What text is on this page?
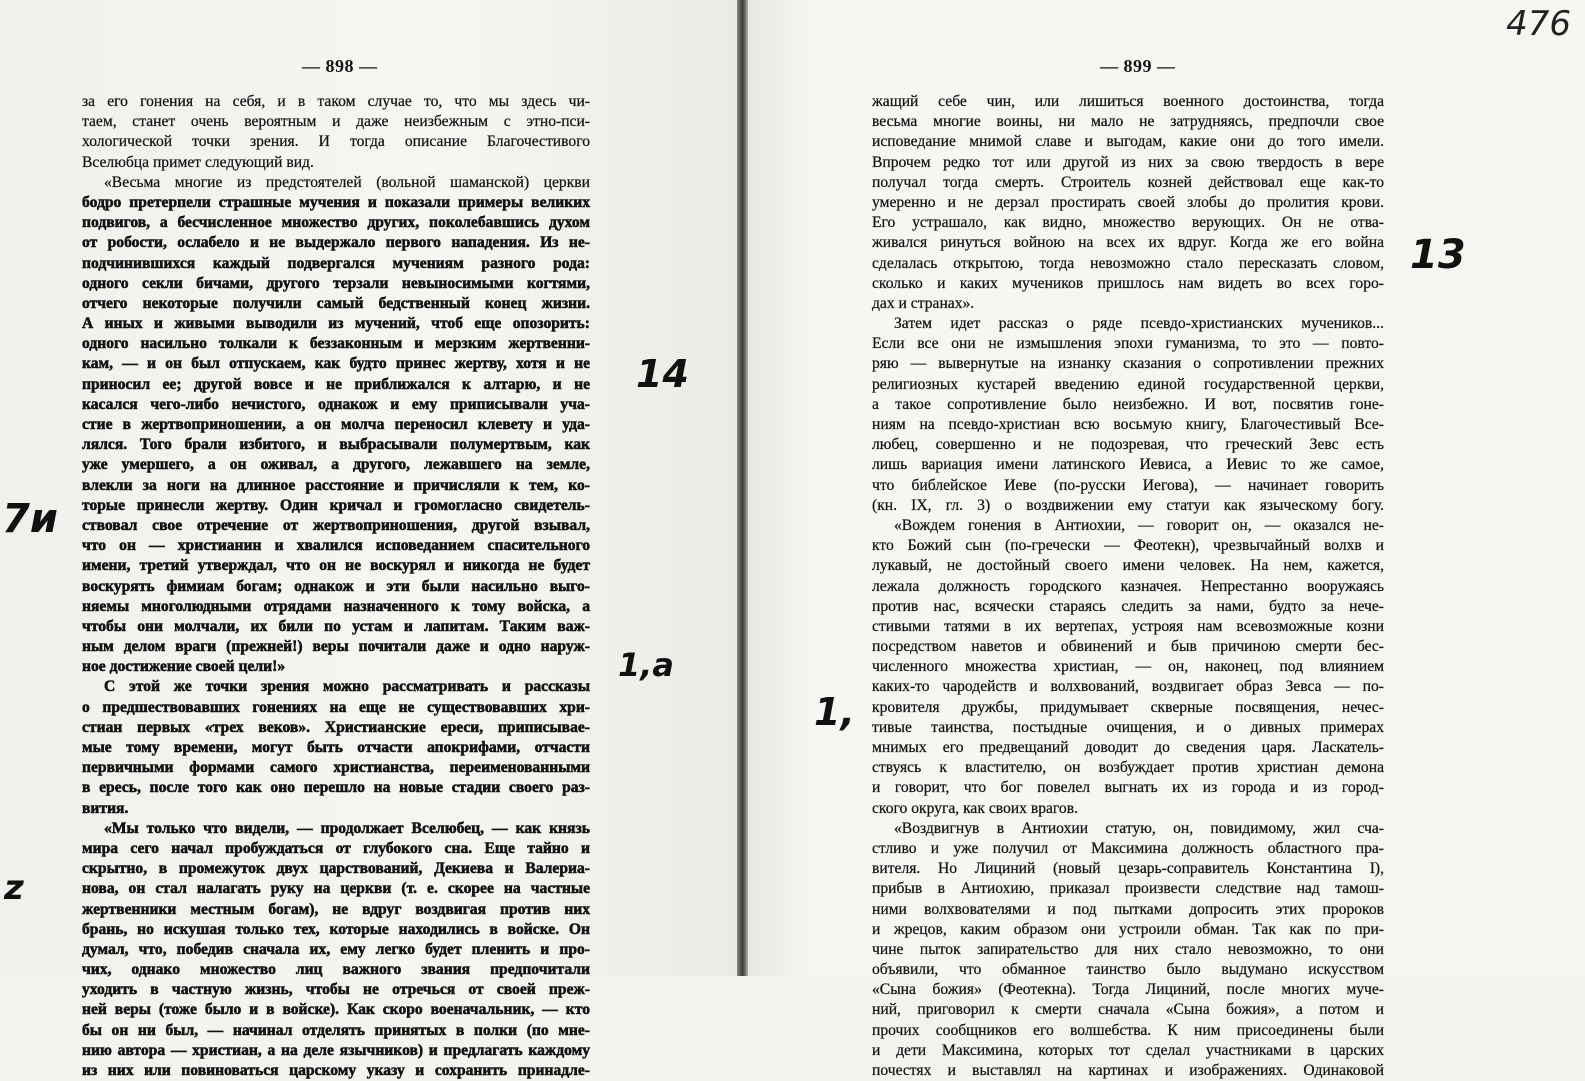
— 898 —
за его гонения на себя, и в таком случае то, что мы здесь чи-
таем, станет очень вероятным и даже неизбежным с этно-пси-
хологической точки зрения. И тогда описание Благочестивого
Вселюбца примет следующий вид.
«Весьма многие из предстоятелей (вольной шаманской) церкви
бодро претерпели страшные мучения и показали примеры великих
подвигов, а бесчисленное множество других, поколебавшись духом
от робости, ослабело и не выдержало первого нападения. Из не-
подчинившихся каждый подвергался мучениям разного рода:
одного секли бичами, другого терзали невыносимыми когтями,
отчего некоторые получили самый бедственный конец жизни.
А иных и живыми выводили из мучений, чтоб еще опозорить:
одного насильно толкали к беззаконным и мерзким жертвенни-
кам, — и он был отпускаем, как будто принес жертву, хотя и не
приносил ее; другой вовсе и не приближался к алтарю, и не
касался чего-либо нечистого, однакож и ему приписывали уча-
стие в жертвоприношении, а он молча переносил клевету и уда-
лялся. Того брали избитого, и выбрасывали полумертвым, как
уже умершего, а он оживал, а другого, лежавшего на земле,
влекли за ноги на длинное расстояние и причисляли к тем, ко-
торые принесли жертву. Один кричал и громогласно свидетель-
ствовал свое отречение от жертвоприношения, другой взывал,
что он — христианин и хвалился исповеданием спасительного
имени, третий утверждал, что он не воскурял и никогда не будет
воскурять фимиам богам; однакож и эти были насильно выго-
няемы многолюдными отрядами назначенного к тому войска, а
чтобы они молчали, их били по устам и лапитам. Таким важ-
ным делом враги (прежней!) веры почитали даже и одно наруж-
ное достижение своей цели!»
С этой же точки зрения можно рассматривать и рассказы
о предшествовавших гонениях на еще не существовавших хри-
стиан первых «трех веков». Христианские ереси, приписывае-
мые тому времени, могут быть отчасти апокрифами, отчасти
первичными формами самого христианства, переименованными
в ересь, после того как оно перешло на новые стадии своего раз-
вития.
«Мы только что видели, — продолжает Вселюбец, — как князь
мира сего начал пробуждаться от глубокого сна. Еще тайно и
скрытно, в промежуток двух царствований, Декиева и Валериа-
нова, он стал налагать руку на церкви (т. е. скорее на частные
жертвенники местным богам), не вдруг воздвигая против них
брань, но искушая только тех, которые находились в войске. Он
думал, что, победив сначала их, ему легко будет пленить и про-
чих, однако множество лиц важного звания предпочитали
уходить в частную жизнь, чтобы не отречься от своей преж-
ней веры (тоже было и в войске). Как скоро военачальник, — кто
бы он ни был, — начинал отделять принятых в полки (по мне-
нию автора — христиан, а на деле язычников) и предлагать каждому
из них или повиноваться царскому указу и сохранить принадле-
— 899 —
жащий себе чин, или лишиться военного достоинства, тогда
весьма многие воины, ни мало не затрудняясь, предпочли свое
исповедание мнимой славе и выгодам, какие они до того имели.
Впрочем редко тот или другой из них за свою твердость в вере
получал тогда смерть. Строитель козней действовал еще как-то
умеренно и не дерзал простирать своей злобы до пролития крови.
Его устрашало, как видно, множество верующих. Он не отва-
живался ринуться войною на всех их вдруг. Когда же его война
сделалась открытою, тогда невозможно стало пересказать словом,
сколько и каких мучеников пришлось нам видеть во всех горо-
дах и странах».
Затем идет рассказ о ряде псевдо-христианских мучеников...
Если все они не измышления эпохи гуманизма, то это — повто-
ряю — вывернутые на изнанку сказания о сопротивлении прежних
религиозных кустарей введению единой государственной церкви,
а такое сопротивление было неизбежно. И вот, посвятив гоне-
ниям на псевдо-христиан всю восьмую книгу, Благочестивый Все-
любец, совершенно и не подозревая, что греческий Зевс есть
лишь вариация имени латинского Иевиса, а Иевис то же самое,
что библейское Иеве (по-русски Иегова), — начинает говорить
(кн. IX, гл. 3) о воздвижении ему статуи как языческому богу.
«Вождем гонения в Антиохии, — говорит он, — оказался не-
кто Божий сын (по-гречески — Феотекн), чрезвычайный волхв и
лукавый, не достойный своего имени человек. На нем, кажется,
лежала должность городского казначея. Непрестанно вооружаясь
против нас, всячески стараясь следить за нами, будто за нече-
стивыми татями в их вертепах, устрояя нам всевозможные козни
посредством наветов и обвинений и быв причиною смерти бес-
численного множества христиан, — он, наконец, под влиянием
каких-то чародейств и волхвований, воздвигает образ Зевса — по-
кровителя дружбы, придумывает скверные посвящения, нечес-
тивые таинства, постыдные очищения, и о дивных примерах
мнимых его предвещаний доводит до сведения царя. Ласкатель-
ствуясь к властителю, он возбуждает против христиан демона
и говорит, что бог повелел выгнать их из города и из город-
ского округа, как своих врагов.
«Воздвигнув в Антиохии статую, он, повидимому, жил сча-
стливо и уже получил от Максимина должность областного пра-
вителя. Но Лициний (новый цезарь-соправитель Константина I),
прибыв в Антиохию, приказал произвести следствие над тамош-
ними волхвователями и под пытками допросить этих пророков
и жрецов, каким образом они устроили обман. Так как по при-
чине пыток запирательство для них стало невозможно, то они
объявили, что обманное таинство было выдумано искусством
«Сына божия» (Феотекна). Тогда Лициний, после многих муче-
ний, приговорил к смерти сначала «Сына божия», а потом и
прочих сообщников его волшебства. К ним присоединены были
и дети Максимина, которых тот сделал участниками в царских
почестях и выставлял на картинах и изображениях. Одинаковой
476
7и
z
14
1,а
1,
13
